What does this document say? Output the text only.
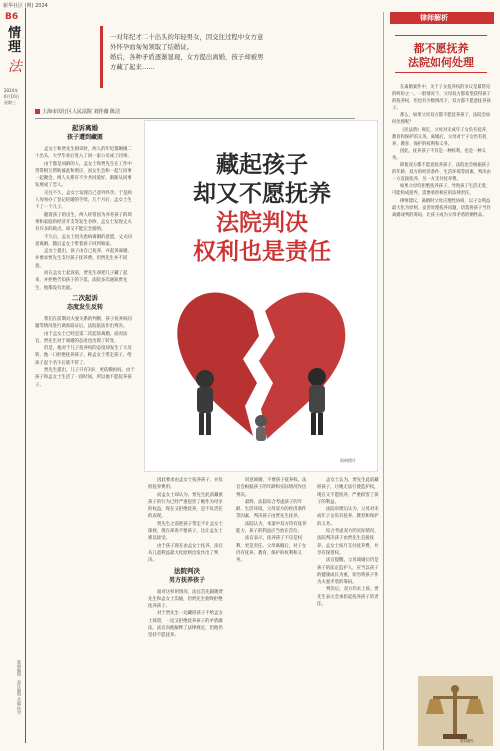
新华社区 (网) 2024
B6
情理
法
2024年
6月10日
星期三
版面编辑：责任编辑 美编 校对
一对年纪才二十出头的年轻男女，因交往过程中女方意
外怀孕而匆匆领取了结婚证。
婚后，各种矛盾逐渐显现，女方提出离婚，孩子却被男
方藏了起来……
上海市闵行区人民法院 刘佳薇 陈洁
起诉离婚
孩子遭到藏匿

孟女士和贾先生相识时，两人的年纪都刚刚二十出头，大学毕业后进入了同一家公司成了同事。

由于都是同龄的人，孟女士和贾先生在工作中常常相互帮助彼此和照应，而女生会和一起与同事一起聚会，两人关系有不少共同爱好，渐渐从同事发展成了恋人。

交往不久，孟女士发现自己意外怀孕，于是两人匆匆办了登记结婚的手续，几个月后，孟女士生下了一个儿子。

随着孩子的出生，两人经常因为养育孩子的琐事和家庭的经济开支等发生争吵，孟女士发现丈夫有许多的缺点，却又不能完全接纳。

不久后，孟女士因为患病离婚的意愿，丈夫同意离婚，随后孟女士带着孩子回到娘家。

孟女士提出，孩子由自己抚养，并起诉离婚，并要求贾先生支付孩子抚养费。但贾先生并不同意。

而在孟女士起诉前，贾先生却把儿子藏了起来，并拒绝告知孩子的下落，法院多次通知贾先生，他都没有出庭。

二次起诉
态度发生反转

我们在前期对夫妻关系的判断，孩子抚养权问题等情况进行调查取证后，法院依法作出判决。

由于孟女士已经是第二次起诉离婚，面对法官，贾先生对于离婚的态度也出现了转变。

但是，他对于儿子抚养权的态度却发生了大反转，他一口拒绝抚养孩子，称孟女士带走孩子，给孩子起个名字后就不管了。

贾先生提出，儿子只有3岁，更依赖妈妈，由于孩子和孟女士生活了一段时间，所以他不愿抚养孩子。

藏起孩子
却又不愿抚养
法院判决
权利也是责任
资料图片

因此要求由孟女士抚养孩子，并负担抚养费用。

而孟女士却认为，贾先生此前藏匿孩子的行为已经严重侵害了她作为母亲的权益，现在又拒绝抚养，是不负责任的表现。

贾先生之前把孩子带走不让孟女士探视，现在却说不要孩子，这让孟女士难以接受。

由于孩子现在由孟女士抚养，法官从儿童利益最大化原则出发作出了判决。

法院判决
男方抚养孩子

面对这样的情况，法官首先跟随贾先生和孟女士沟通，但贾先生始终拒绝抚养孩子。

对于贾先生一边藏匿孩子不给孟女士探望，一边又拒绝抚养孩子的矛盾做法，法官向他解释了法律规定，但他仍坚持不愿抚养。

同意离婚，不要孩子抚养权。法官会根据孩子的年龄和实际情况作出判决。

最终，法院综合考虑孩子的年龄、生活环境、父母双方的经济条件等因素，判决孩子由贾先生抚养。

法院认为，本案中双方均有抚养能力，孩子的利益应当放在首位。

法官表示，抚养孩子不仅是权利，更是责任。父母离婚后，对子女仍有抚养、教育、保护的权利和义务。

孟女士认为，贾先生此前藏匿孩子，让她无法行使监护权，现在又不愿抚养，严重损害了孩子的利益。

法院审理后认为，父母对未成年子女负有抚养、教育和保护的义务。

综合考虑双方的实际情况，法院判决孩子由贾先生直接抚养，孟女士按月支付抚养费，并享有探望权。

法官提醒，父母离婚后仍是孩子的法定监护人，应当以孩子的健康成长为重，切勿将孩子作为夫妻矛盾的筹码。

判决后，双方均未上诉。贾先生表示会承担起抚养孩子的责任。

律师解析
都不愿抚养
法院如何处理

在离婚案件中，关于子女抚养权的争议是最常见的纠纷之一。一般情况下，父母双方都希望获得孩子的抚养权，但也有少数情况下，双方都不愿意抚养孩子。

那么，如果父母双方都不愿抚养孩子，法院会如何处理呢？

《民法典》规定，父母对未成年子女负有抚养、教育和保护的义务。离婚后，父母对于子女仍有抚养、教育、保护的权利和义务。

因此，抚养孩子不仅是一种权利，也是一种义务。

即使双方都不愿意抚养孩子，法院也会根据孩子的年龄、双方的经济条件、生活环境等因素，判决由一方直接抚养，另一方支付抚养费。

如果父母均拒绝抚养孩子，导致孩子生活无着，可能构成遗弃，需要承担相应的法律责任。

律师建议，离婚时父母应理性协商，以子女利益最大化为原则，妥善处理抚养问题，切莫将孩子当作离婚谈判的筹码，让孩子成为父母矛盾的牺牲品。

资料图片
